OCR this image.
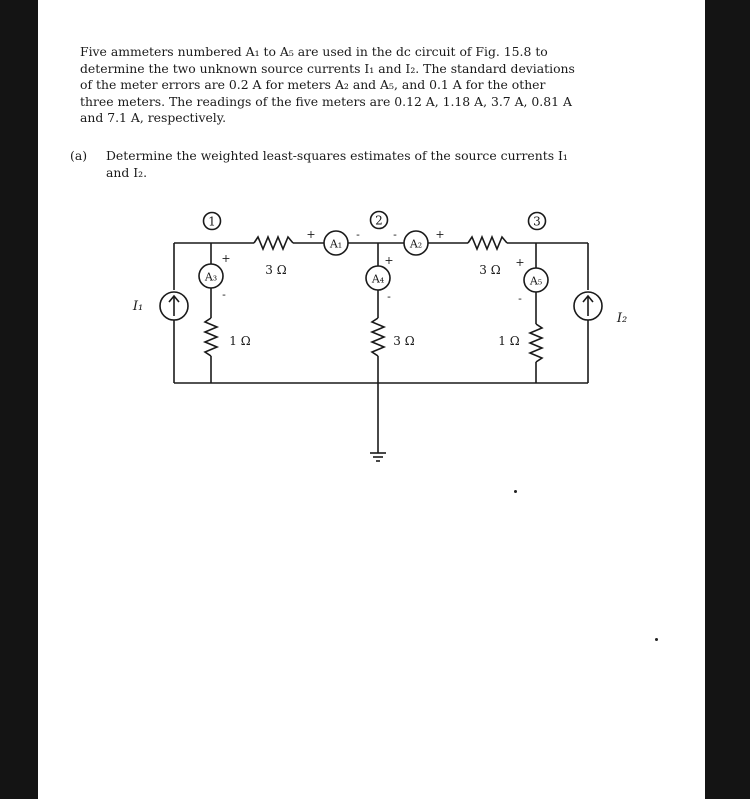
Five ammeters numbered A₁ to A₅ are used in the dc circuit of Fig. 15.8 to
determine the two unknown source currents I₁ and I₂. The standard deviations
of the meter errors are 0.2 A for meters A₂ and A₅, and 0.1 A for the other
three meters. The readings of the five meters are 0.12 A, 1.18 A, 3.7 A, 0.81 A
and 7.1 A, respectively.
(a) Determine the weighted least-squares estimates of the source currents I₁
and I₂.
1	2	3
A₁	A₂
A₃	A₄	A₅
+	-	-	+
+
-
+
-
+
-
3 Ω	3 Ω
1 Ω	3 Ω	1 Ω
I₁
I₂
